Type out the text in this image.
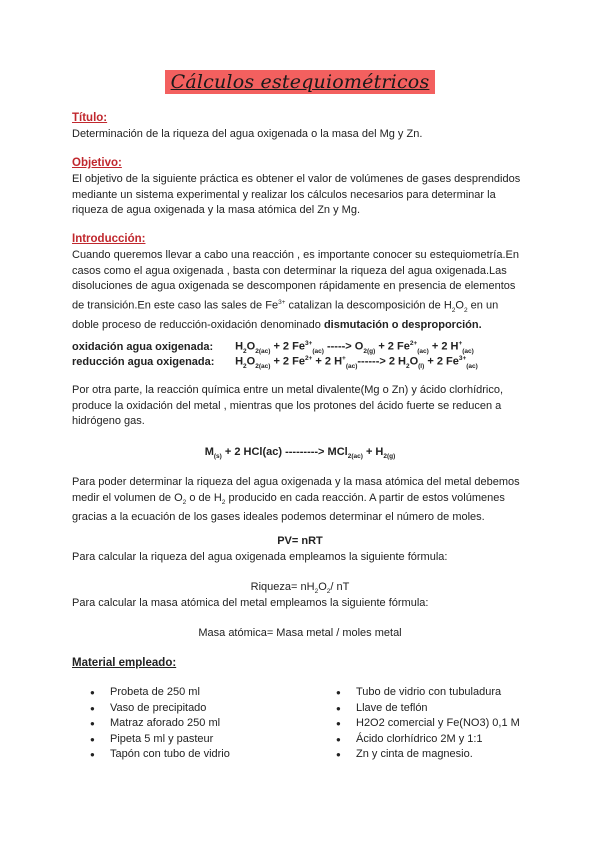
Cálculos estequiométricos
Título:
Determinación de la riqueza del agua oxigenada o la masa del Mg y Zn.
Objetivo:
El objetivo de la siguiente práctica es obtener el valor de volúmenes de gases desprendidos
mediante un sistema experimental y realizar los cálculos necesarios para determinar la
riqueza de agua oxigenada y la masa atómica del Zn y Mg.
Introducción:
Cuando queremos llevar a cabo una reacción , es importante conocer su estequiometría.En
casos como el agua oxigenada , basta con determinar la riqueza del agua oxigenada.Las
disoluciones de agua oxigenada se descomponen rápidamente en presencia de elementos
de transición.En este caso las sales de $Fe^{3+}$ catalizan la descomposición de $H_2O_2$ en un
doble proceso de reducción-oxidación denominado dismutación o desproporción.
oxidación agua oxigenada: $H_2O_{2(ac)} + 2$ $Fe^{3+}_{(ac)}$ -----> $O_{2(g)} + 2$ $Fe^{2+}_{(ac)} + 2$ $H^+_{(ac)}$
reducción agua oxigenada: $H_2O_{2(ac)} + 2$ $Fe^{2+} + 2$ $H^+_{(ac)}------> 2$ $H_2O_{(l)} + 2$ $Fe^{3+}_{(ac)}$
Por otra parte, la reacción química entre un metal divalente(Mg o Zn) y ácido clorhídrico,
produce la oxidación del metal , mientras que los protones del ácido fuerte se reducen a
hidrógeno gas.
$M_{(s)} + 2$ HCl(ac) ---------> $MCl_{2(ac)} + H_{2(g)}$
Para poder determinar la riqueza del agua oxigenada y la masa atómica del metal debemos
medir el volumen de $O_2$ o de $H_2$ producido en cada reacción. A partir de estos volúmenes
gracias a la ecuación de los gases ideales podemos determinar el número de moles.
PV= nRT
Para calcular la riqueza del agua oxigenada empleamos la siguiente fórmula:
Riqueza= $nH_2O_2/$ nT
Para calcular la masa atómica del metal empleamos la siguiente fórmula:
Masa atómica= Masa metal / moles metal
Material empleado:
● Probeta de 250 ml
● Vaso de precipitado
● Matraz aforado 250 ml
● Pipeta 5 ml y pasteur
● Tapón con tubo de vidrio
● Tubo de vidrio con tubuladura
● Llave de teflón
● H2O2 comercial y Fe(NO3) 0,1 M
● Ácido clorhídrico 2M y 1:1
● Zn y cinta de magnesio.
